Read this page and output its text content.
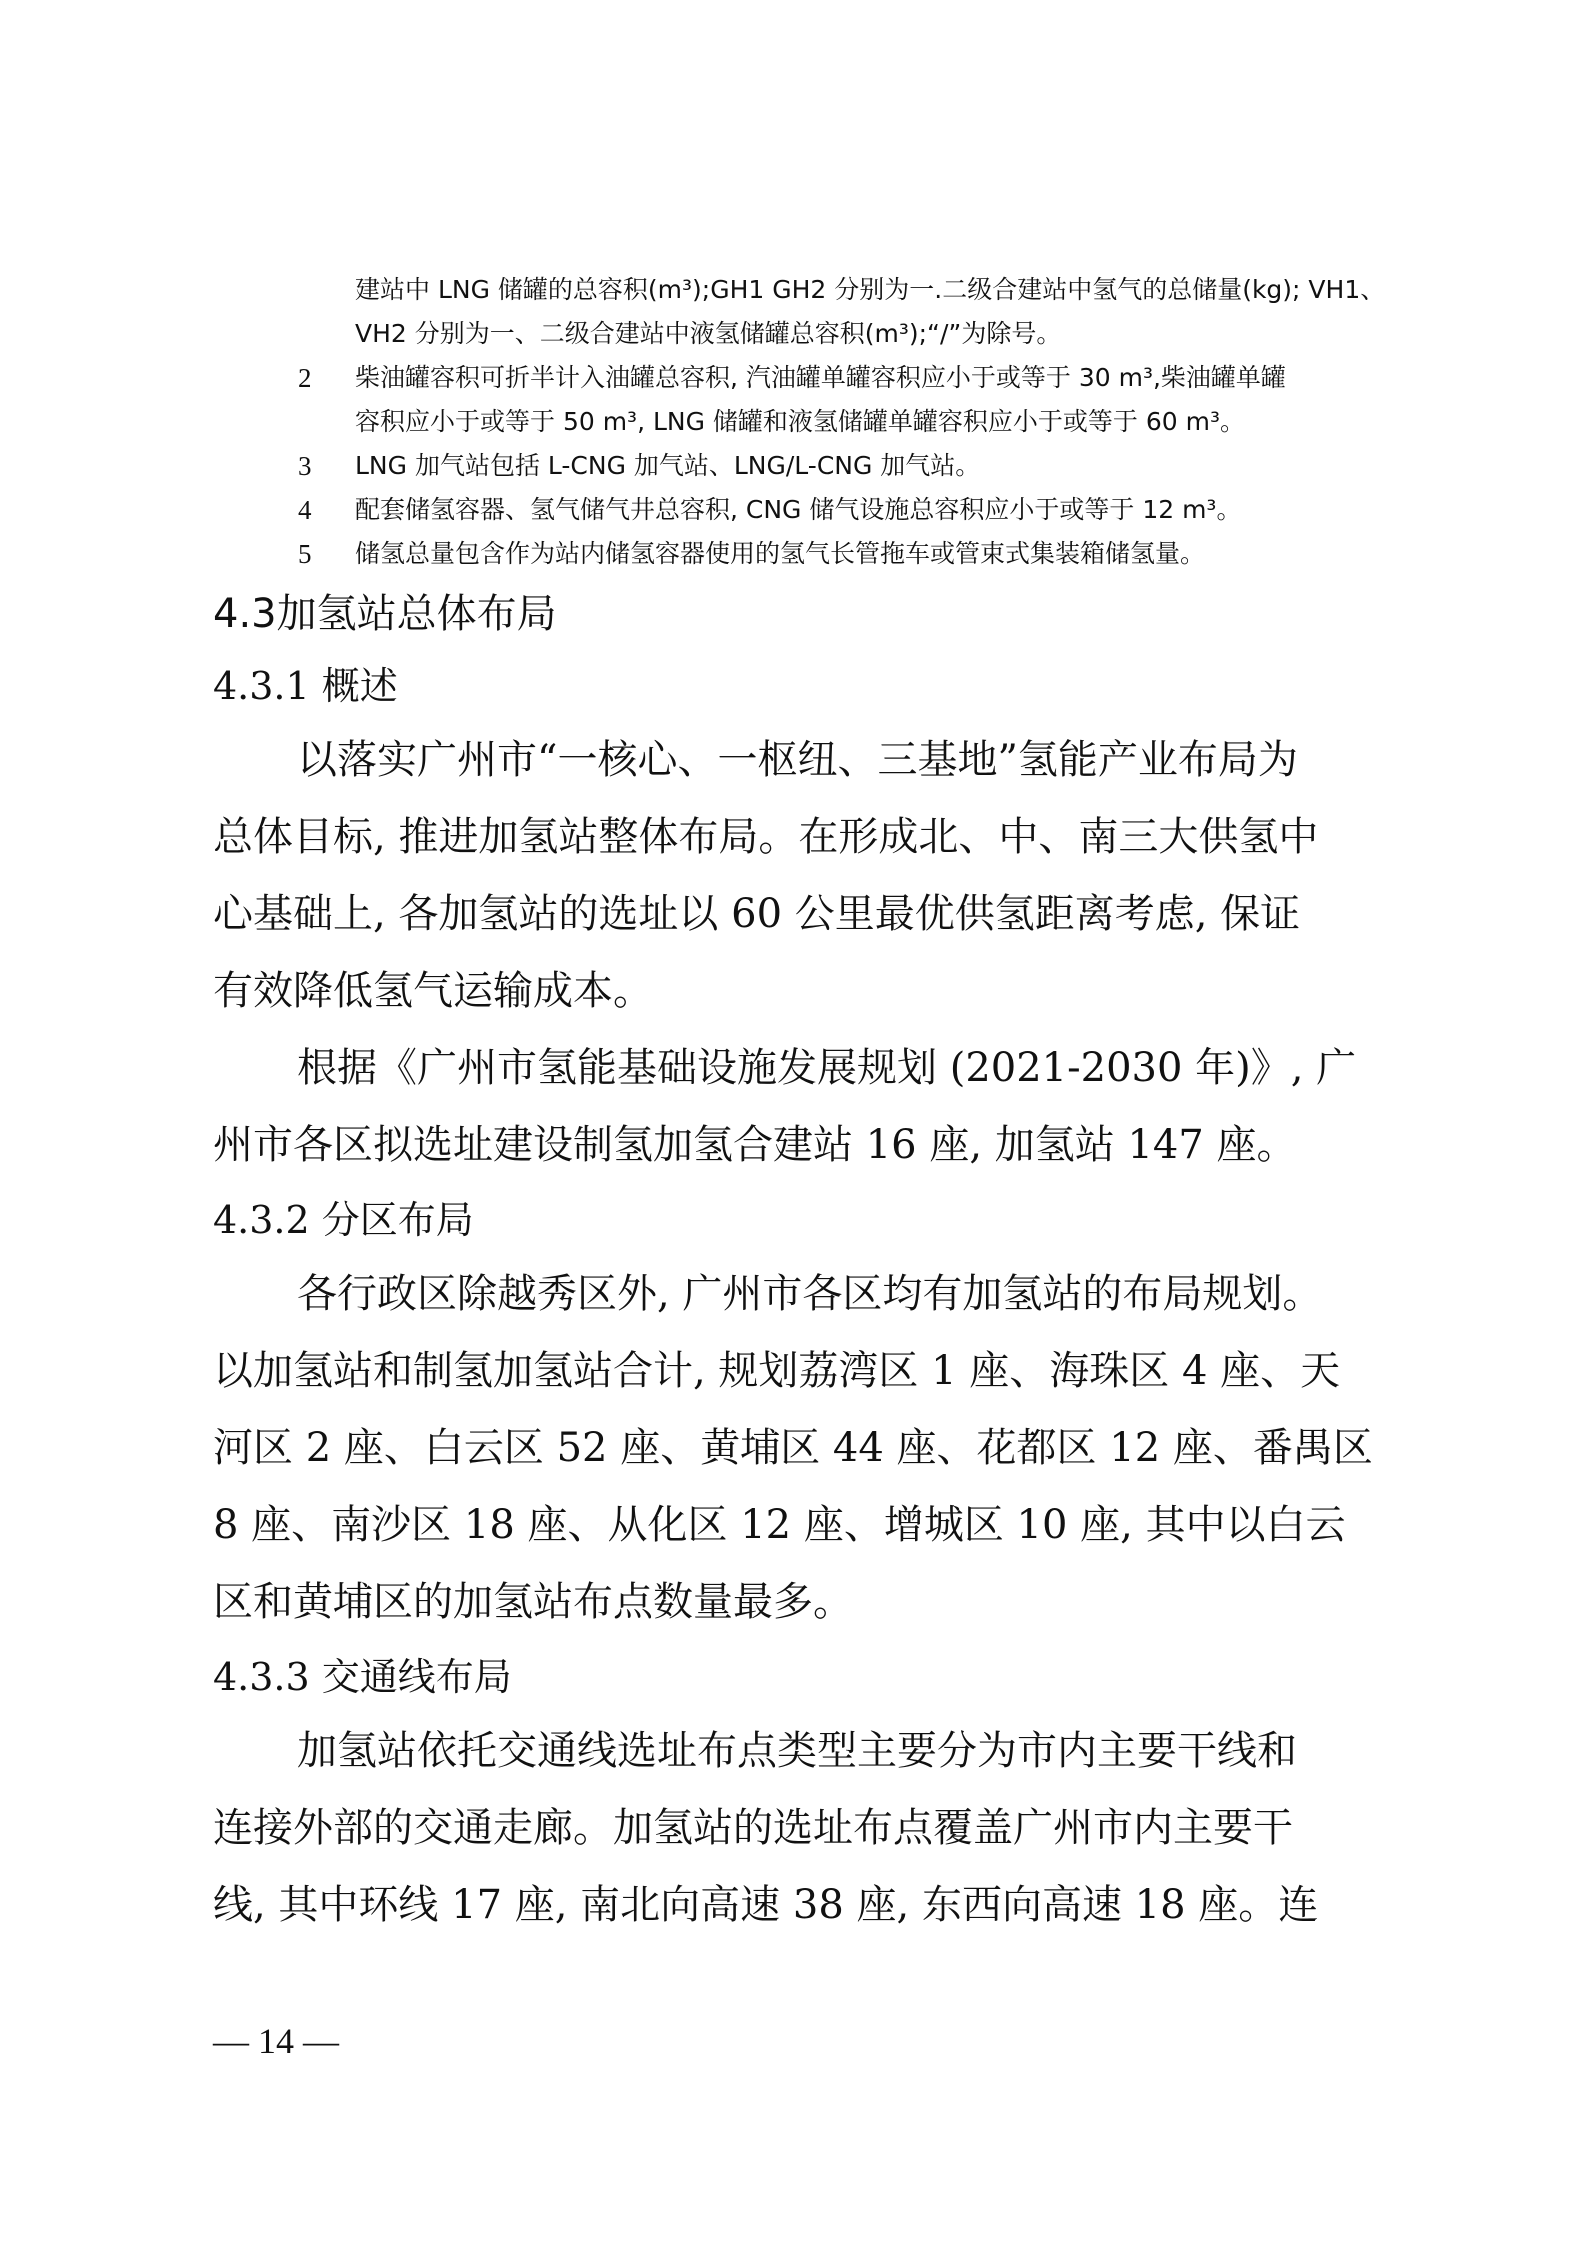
建站中 LNG 储罐的总容积(m³);GH1 GH2 分别为一.二级合建站中氢气的总储量(kg); VH1、
VH2 分别为一、二级合建站中液氢储罐总容积(m³);“/”为除号。
2	柴油罐容积可折半计入油罐总容积, 汽油罐单罐容积应小于或等于 30 m³,柴油罐单罐
容积应小于或等于 50 m³, LNG 储罐和液氢储罐单罐容积应小于或等于 60 m³。
3	LNG 加气站包括 L-CNG 加气站、LNG/L-CNG 加气站。
4	配套储氢容器、氢气储气井总容积, CNG 储气设施总容积应小于或等于 12 m³。
5	储氢总量包含作为站内储氢容器使用的氢气长管拖车或管束式集装箱储氢量。
4.3加氢站总体布局
4.3.1 概述
以落实广州市“一核心、一枢纽、三基地”氢能产业布局为
总体目标, 推进加氢站整体布局。在形成北、中、南三大供氢中
心基础上, 各加氢站的选址以 60 公里最优供氢距离考虑, 保证
有效降低氢气运输成本。
根据《广州市氢能基础设施发展规划 (2021-2030 年)》, 广
州市各区拟选址建设制氢加氢合建站 16 座, 加氢站 147 座。
4.3.2 分区布局
各行政区除越秀区外, 广州市各区均有加氢站的布局规划。
以加氢站和制氢加氢站合计, 规划荔湾区 1 座、海珠区 4 座、天
河区 2 座、白云区 52 座、黄埔区 44 座、花都区 12 座、番禺区
8 座、南沙区 18 座、从化区 12 座、增城区 10 座, 其中以白云
区和黄埔区的加氢站布点数量最多。
4.3.3 交通线布局
加氢站依托交通线选址布点类型主要分为市内主要干线和
连接外部的交通走廊。加氢站的选址布点覆盖广州市内主要干
线, 其中环线 17 座, 南北向高速 38 座, 东西向高速 18 座。连
— 14 —
